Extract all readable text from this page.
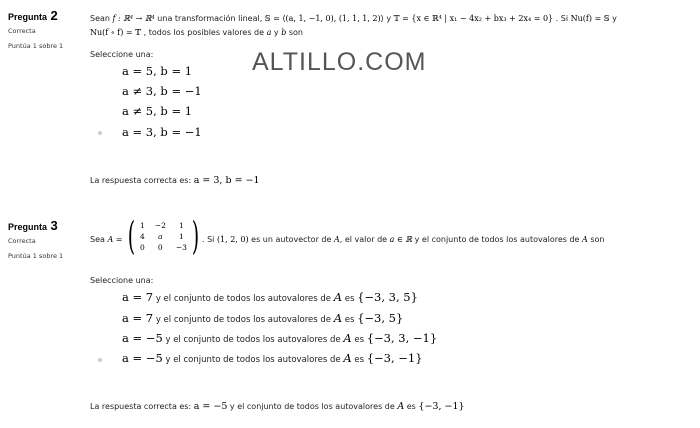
ALTILLO.COM
Pregunta 2
Correcta
Puntúa 1 sobre 1
Sean f : ℝ⁴ → ℝ⁴ una transformación lineal, 𝕊 = ⟨(a, 1, −1, 0), (1, 1, 1, 2)⟩ y 𝕋 = {x ∈ ℝ⁴ | x₁ − 4x₂ + bx₃ + 2x₄ = 0} . Si Nu(f) = 𝕊 y
Nu(f ∘ f) = 𝕋 , todos los posibles valores de a y b son
Seleccione una:
a = 5, b = 1
a ≠ 3, b = −1
a ≠ 5, b = 1
a = 3, b = −1
La respuesta correcta es: a = 3, b = −1
Pregunta 3
Correcta
Puntúa 1 sobre 1
Sea A = ( 1	−2	1
4	a	1
0	0	−3 ) . Si (1, 2, 0) es un autovector de A, el valor de a ∈ ℝ y el conjunto de todos los autovalores de A son
Seleccione una:
a = 7 y el conjunto de todos los autovalores de A es {−3, 3, 5}
a = 7 y el conjunto de todos los autovalores de A es {−3, 5}
a = −5 y el conjunto de todos los autovalores de A es {−3, 3, −1}
a = −5 y el conjunto de todos los autovalores de A es {−3, −1}
La respuesta correcta es: a = −5 y el conjunto de todos los autovalores de A es {−3, −1}
